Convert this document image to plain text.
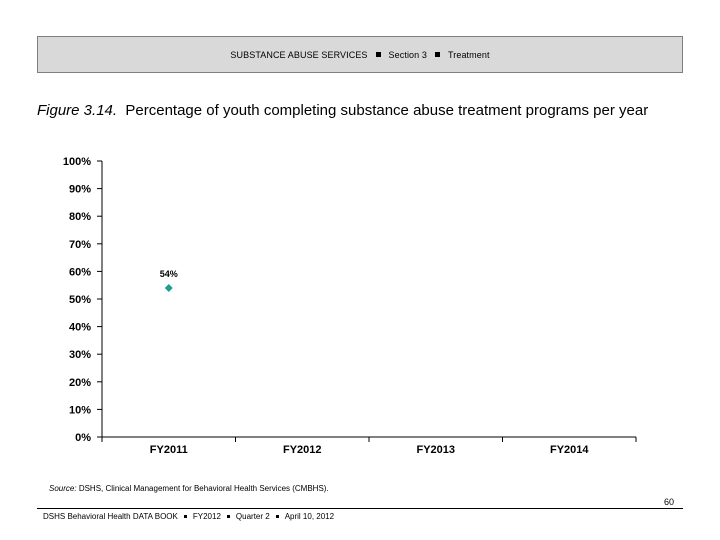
SUBSTANCE ABUSE SERVICES Section 3 Treatment
Figure 3.14. Percentage of youth completing substance abuse treatment programs per year
0%
10%
20%
30%
40%
50%
60%
70%
80%
90%
100%
FY2011	FY2012	FY2013	FY2014
54%
Source: DSHS, Clinical Management for Behavioral Health Services (CMBHS).
60
DSHS Behavioral Health DATA BOOK FY2012 Quarter 2 April 10, 2012
